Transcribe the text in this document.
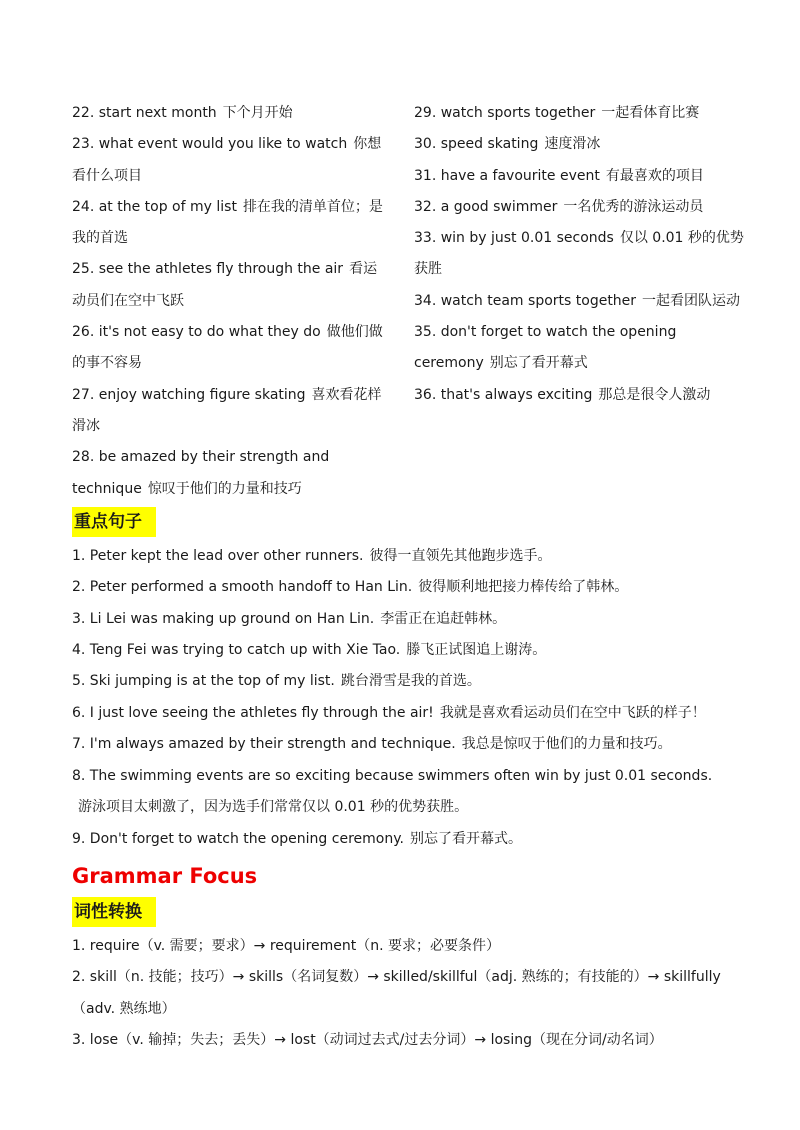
22. start next month 下个月开始
23. what event would you like to watch 你想看什么项目
24. at the top of my list 排在我的清单首位；是我的首选
25. see the athletes fly through the air 看运动员们在空中飞跃
26. it's not easy to do what they do 做他们做的事不容易
27. enjoy watching figure skating 喜欢看花样滑冰
28. be amazed by their strength and technique 惊叹于他们的力量和技巧
29. watch sports together 一起看体育比赛
30. speed skating 速度滑冰
31. have a favourite event 有最喜欢的项目
32. a good swimmer 一名优秀的游泳运动员
33. win by just 0.01 seconds 仅以 0.01 秒的优势获胜
34. watch team sports together 一起看团队运动
35. don't forget to watch the opening ceremony 别忘了看开幕式
36. that's always exciting 那总是很令人激动
重点句子
1. Peter kept the lead over other runners. 彼得一直领先其他跑步选手。
2. Peter performed a smooth handoff to Han Lin. 彼得顺利地把接力棒传给了韩林。
3. Li Lei was making up ground on Han Lin. 李雷正在追赶韩林。
4. Teng Fei was trying to catch up with Xie Tao. 滕飞正试图追上谢涛。
5. Ski jumping is at the top of my list. 跳台滑雪是我的首选。
6. I just love seeing the athletes fly through the air! 我就是喜欢看运动员们在空中飞跃的样子！
7. I'm always amazed by their strength and technique. 我总是惊叹于他们的力量和技巧。
8. The swimming events are so exciting because swimmers often win by just 0.01 seconds.游泳项目太刺激了，因为选手们常常仅以 0.01 秒的优势获胜。
9. Don't forget to watch the opening ceremony. 别忘了看开幕式。
Grammar Focus
词性转换
1. require（v. 需要；要求）→ requirement（n. 要求；必要条件）
2. skill（n. 技能；技巧）→ skills（名词复数）→ skilled/skillful（adj. 熟练的；有技能的）→ skillfully（adv. 熟练地）
3. lose（v. 输掉；失去；丢失）→ lost（动词过去式/过去分词）→ losing（现在分词/动名词）
